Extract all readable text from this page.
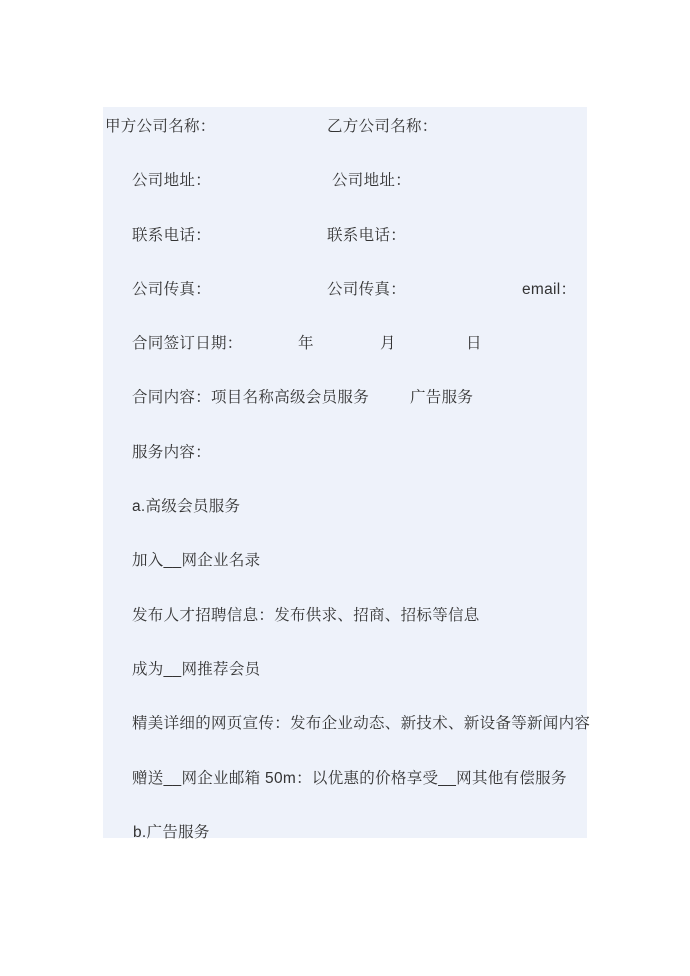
甲方公司名称：	乙方公司名称：
公司地址：	公司地址：
联系电话：	联系电话：
公司传真：	公司传真：	email：
合同签订日期：	年	月	日
合同内容：项目名称高级会员服务	广告服务
服务内容：
a.高级会员服务
加入__网企业名录
发布人才招聘信息：发布供求、招商、招标等信息
成为__网推荐会员
精美详细的网页宣传：发布企业动态、新技术、新设备等新闻内容
赠送__网企业邮箱 50m：以优惠的价格享受__网其他有偿服务
b.广告服务
